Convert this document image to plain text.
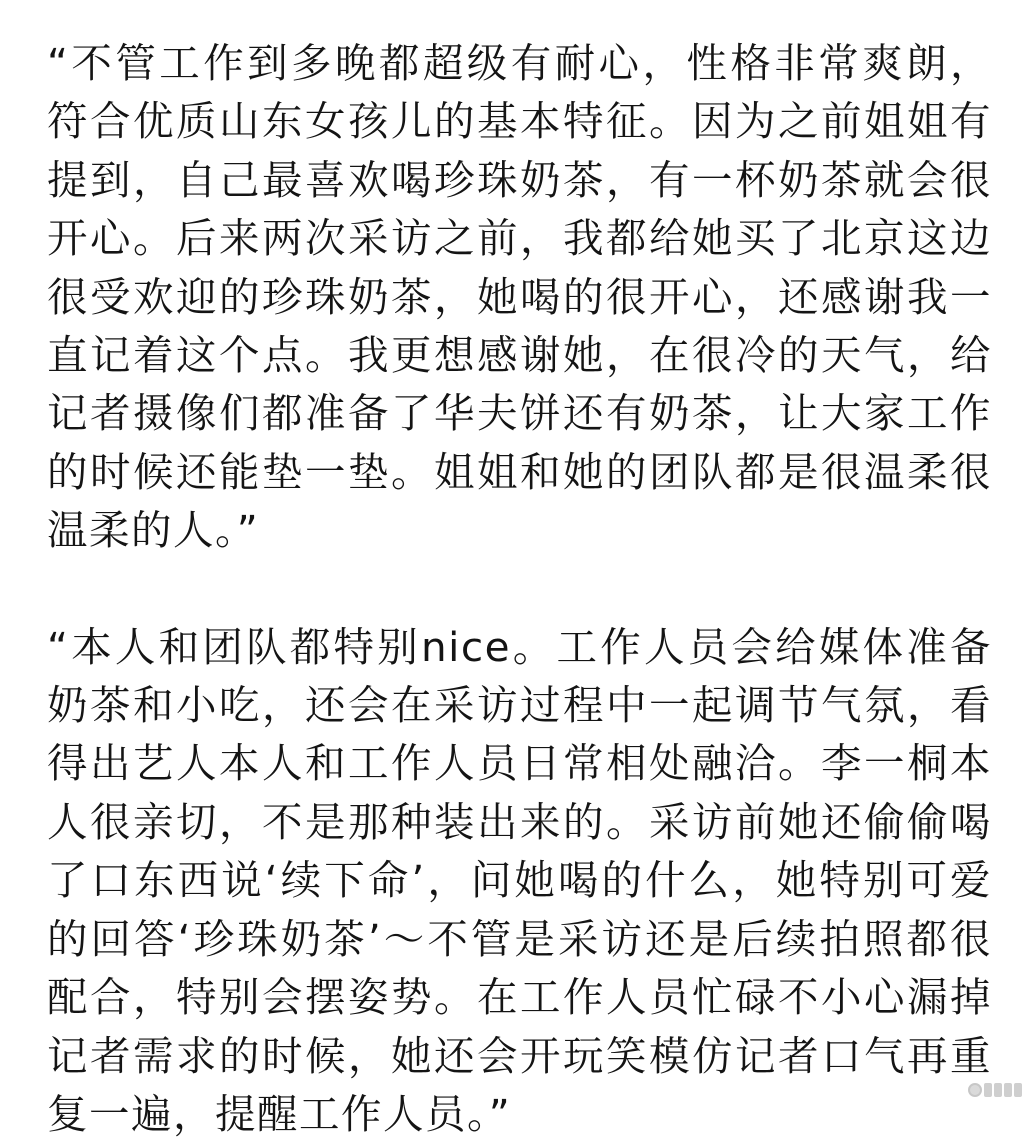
“不管工作到多晚都超级有耐心，性格非常爽朗，符合优质山东女孩儿的基本特征。因为之前姐姐有提到，自己最喜欢喝珍珠奶茶，有一杯奶茶就会很开心。后来两次采访之前，我都给她买了北京这边很受欢迎的珍珠奶茶，她喝的很开心，还感谢我一直记着这个点。我更想感谢她，在很冷的天气，给记者摄像们都准备了华夫饼还有奶茶，让大家工作的时候还能垫一垫。姐姐和她的团队都是很温柔很温柔的人。”

“本人和团队都特别nice。工作人员会给媒体准备奶茶和小吃，还会在采访过程中一起调节气氛，看得出艺人本人和工作人员日常相处融洽。李一桐本人很亲切，不是那种装出来的。采访前她还偷偷喝了口东西说‘续下命’，问她喝的什么，她特别可爱的回答‘珍珠奶茶’～不管是采访还是后续拍照都很配合，特别会摆姿势。在工作人员忙碌不小心漏掉记者需求的时候，她还会开玩笑模仿记者口气再重复一遍，提醒工作人员。”
